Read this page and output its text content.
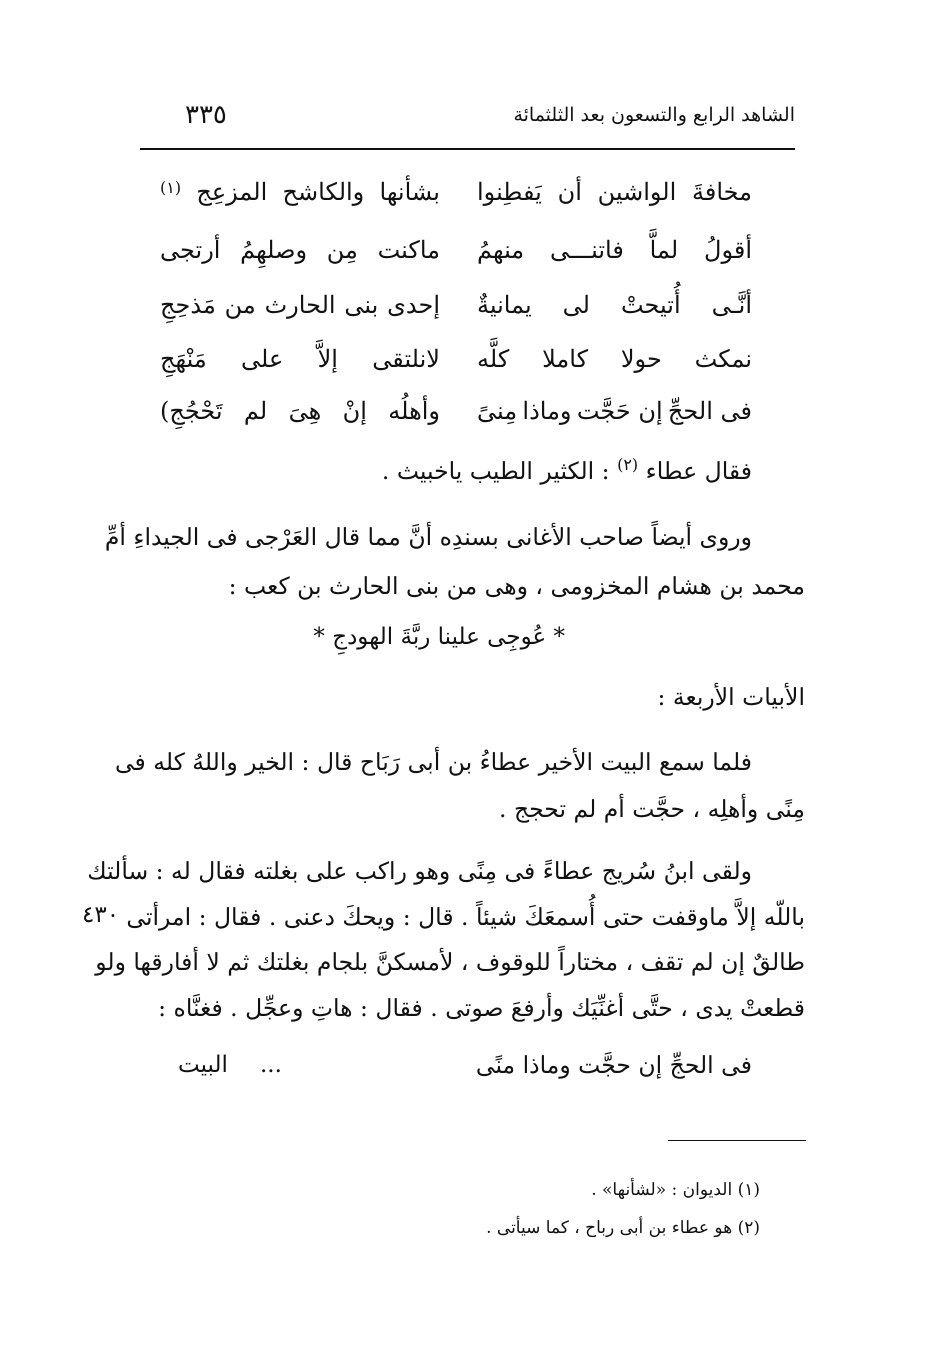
الشاهد الرابع والتسعون بعد الثلثمائة
٣٣٥
مخافةَ
الواشين
أن
يَفطِنوا
بشأنها
والكاشح
المزعِج
(١)
أقولُ
لماَّ
فاتنـــى
منهمُ
ماكنت
مِن
وصلهِمُ
أرتجى
أنَّـى
أُتيحتْ
لى
يمانيةٌ
إحدى
بنى
الحارث
من
مَذحِجِ
نمكث
حولا
كاملا
كلَّه
لانلتقى
إلاَّ
على
مَنْهَجِ
فى الحجِّ
إن حَجَّت
وماذا
مِنىً
وأهلُه
إنْ
هِىَ
لم
تَحْجُجِ)
فقال عطاء $^{(٢)}$ : الكثير الطيب ياخبيث .
وروى أيضاً صاحب الأغانى بسندِه أنَّ مما قال العَرْجى فى الجيداءِ أمِّ
محمد بن هشام المخزومى ، وهى من بنى الحارث بن كعب :
* عُوجِى علينا ربَّةَ الهودجِ *
الأبيات الأربعة :
فلما سمع البيت الأخير عطاءُ بن أبى رَبَاح قال : الخير واللهُ كله فى
مِنًى وأهلِه ، حجَّت أم لم تحجج .
ولقى ابنُ سُريج عطاءً فى مِنًى وهو راكب على بغلته فقال له : سألتك
باللّه إلاَّ ماوقفت حتى أُسمعَكَ شيئاً . قال : ويحكَ دعنى . فقال : امرأتى
طالقٌ إن لم تقف ، مختاراً للوقوف ، لأمسكنَّ بلجام بغلتك ثم لا أفارقها ولو
قطعتْ يدى ، حتَّى أغنِّيَك وأرفعَ صوتى . فقال : هاتِ وعجِّل . فغنَّاه :
فى الحجِّ إن حجَّت وماذا منًى
...
البيت
٤٣٠
(١) الديوان : «لشأنها» .
(٢) هو عطاء بن أبى رباح ، كما سيأتى .
